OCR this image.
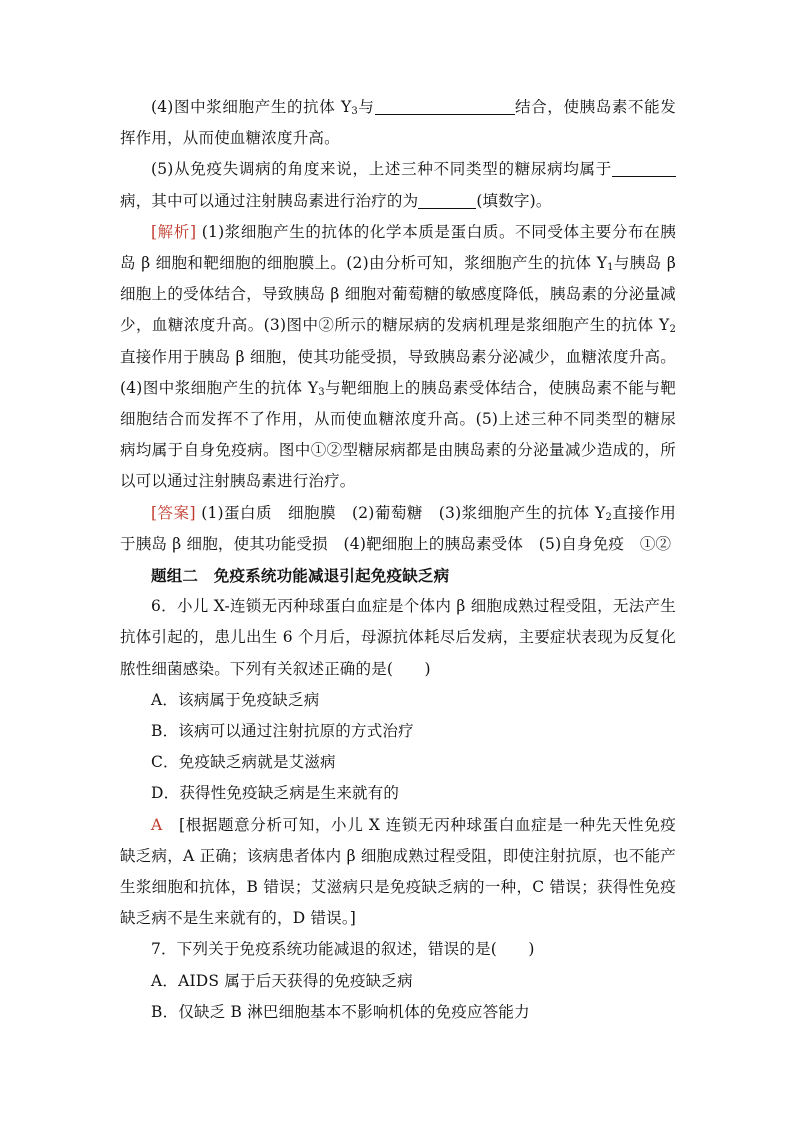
(4)图中浆细胞产生的抗体 $Y_3$与	结合，使胰岛素不能发挥作用，从而使血糖浓度升高。

(5)从免疫失调病的角度来说，上述三种不同类型的糖尿病均属于病，其中可以通过注射胰岛素进行治疗的为	(填数字)。

[解析] (1)浆细胞产生的抗体的化学本质是蛋白质。不同受体主要分布在胰岛 β 细胞和靶细胞的细胞膜上。(2)由分析可知，浆细胞产生的抗体 $Y_1$与胰岛 β 细胞上的受体结合，导致胰岛 β 细胞对葡萄糖的敏感度降低，胰岛素的分泌量减少，血糖浓度升高。(3)图中②所示的糖尿病的发病机理是浆细胞产生的抗体 $Y_2$直接作用于胰岛 β 细胞，使其功能受损，导致胰岛素分泌减少，血糖浓度升高。(4)图中浆细胞产生的抗体 $Y_3$与靶细胞上的胰岛素受体结合，使胰岛素不能与靶细胞结合而发挥不了作用，从而使血糖浓度升高。(5)上述三种不同类型的糖尿病均属于自身免疫病。图中①②型糖尿病都是由胰岛素的分泌量减少造成的，所以可以通过注射胰岛素进行治疗。

[答案] (1)蛋白质　细胞膜　(2)葡萄糖　(3)浆细胞产生的抗体 $Y_2$直接作用于胰岛 β 细胞，使其功能受损　(4)靶细胞上的胰岛素受体　(5)自身免疫　①②

题组二　免疫系统功能减退引起免疫缺乏病

6．小儿 X-连锁无丙种球蛋白血症是个体内 β 细胞成熟过程受阻，无法产生抗体引起的，患儿出生 6 个月后，母源抗体耗尽后发病，主要症状表现为反复化脓性细菌感染。下列有关叙述正确的是(　　)

A．该病属于免疫缺乏病

B．该病可以通过注射抗原的方式治疗

C．免疫缺乏病就是艾滋病

D．获得性免疫缺乏病是生来就有的

A　[根据题意分析可知，小儿 X 连锁无丙种球蛋白血症是一种先天性免疫缺乏病，A 正确；该病患者体内 β 细胞成熟过程受阻，即使注射抗原，也不能产生浆细胞和抗体，B 错误；艾滋病只是免疫缺乏病的一种，C 错误；获得性免疫缺乏病不是生来就有的，D 错误。]

7．下列关于免疫系统功能减退的叙述，错误的是(　　)

A．AIDS 属于后天获得的免疫缺乏病

B．仅缺乏 B 淋巴细胞基本不影响机体的免疫应答能力
